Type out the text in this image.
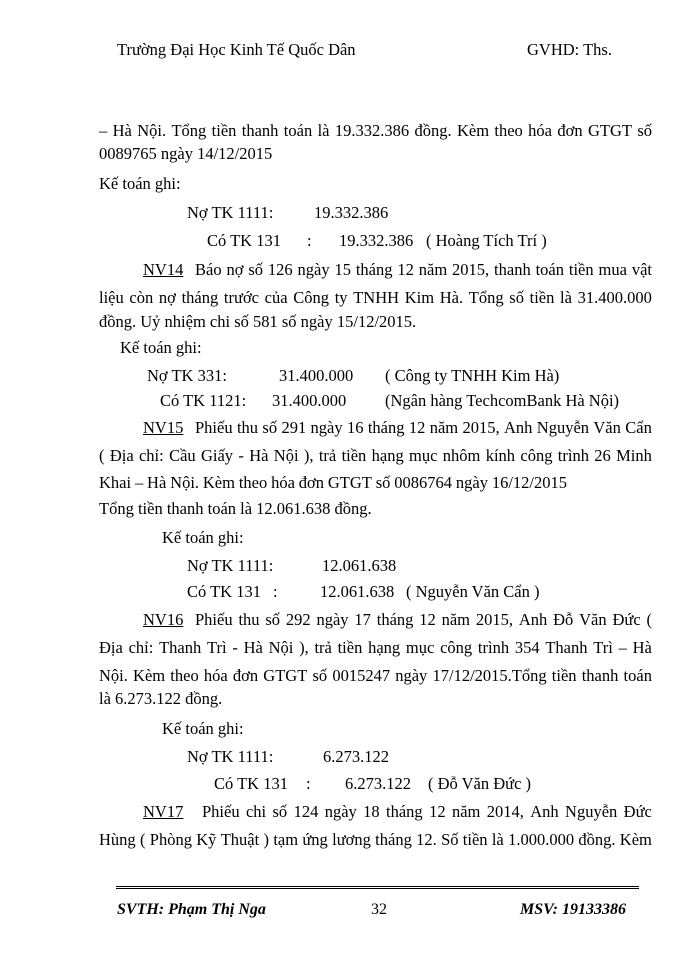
Trường Đại Học Kinh Tế Quốc Dân	GVHD: Ths.
– Hà Nội. Tổng tiền thanh toán là 19.332.386 đồng. Kèm theo hóa đơn GTGT số
0089765 ngày 14/12/2015
Kế toán ghi:
Nợ TK 1111: 19.332.386
Có TK 131 : 19.332.386 ( Hoàng Tích Trí )
NV14 Báo nợ số 126 ngày 15 tháng 12 năm 2015, thanh toán tiền mua vật
liệu còn nợ tháng trước của Công ty TNHH Kim Hà. Tổng số tiền là 31.400.000
đồng. Uỷ nhiệm chi số 581 số ngày 15/12/2015.
Kế toán ghi:
Nợ TK 331:	31.400.000 ( Công ty TNHH Kim Hà)
Có TK 1121: 31.400.000 (Ngân hàng TechcomBank Hà Nội)
NV15 Phiếu thu số 291 ngày 16 tháng 12 năm 2015, Anh Nguyễn Văn Cẩn
( Địa chỉ: Cầu Giấy - Hà Nội ), trả tiền hạng mục nhôm kính công trình 26 Minh
Khai – Hà Nội. Kèm theo hóa đơn GTGT số 0086764 ngày 16/12/2015
Tổng tiền thanh toán là 12.061.638 đồng.
Kế toán ghi:
Nợ TK 1111:	12.061.638
Có TK 131 :	12.061.638 ( Nguyễn Văn Cẩn )
NV16 Phiếu thu số 292 ngày 17 tháng 12 năm 2015, Anh Đỗ Văn Đức (
Địa chỉ: Thanh Trì - Hà Nội ), trả tiền hạng mục công trình 354 Thanh Trì – Hà
Nội. Kèm theo hóa đơn GTGT số 0015247 ngày 17/12/2015.Tổng tiền thanh toán
là 6.273.122 đồng.
Kế toán ghi:
Nợ TK 1111:	6.273.122
Có TK 131 : 6.273.122 ( Đỗ Văn Đức )
NV17 Phiếu chi số 124 ngày 18 tháng 12 năm 2014, Anh Nguyễn Đức
Hùng ( Phòng Kỹ Thuật ) tạm ứng lương tháng 12. Số tiền là 1.000.000 đồng. Kèm
SVTH: Phạm Thị Nga	32	MSV: 19133386
